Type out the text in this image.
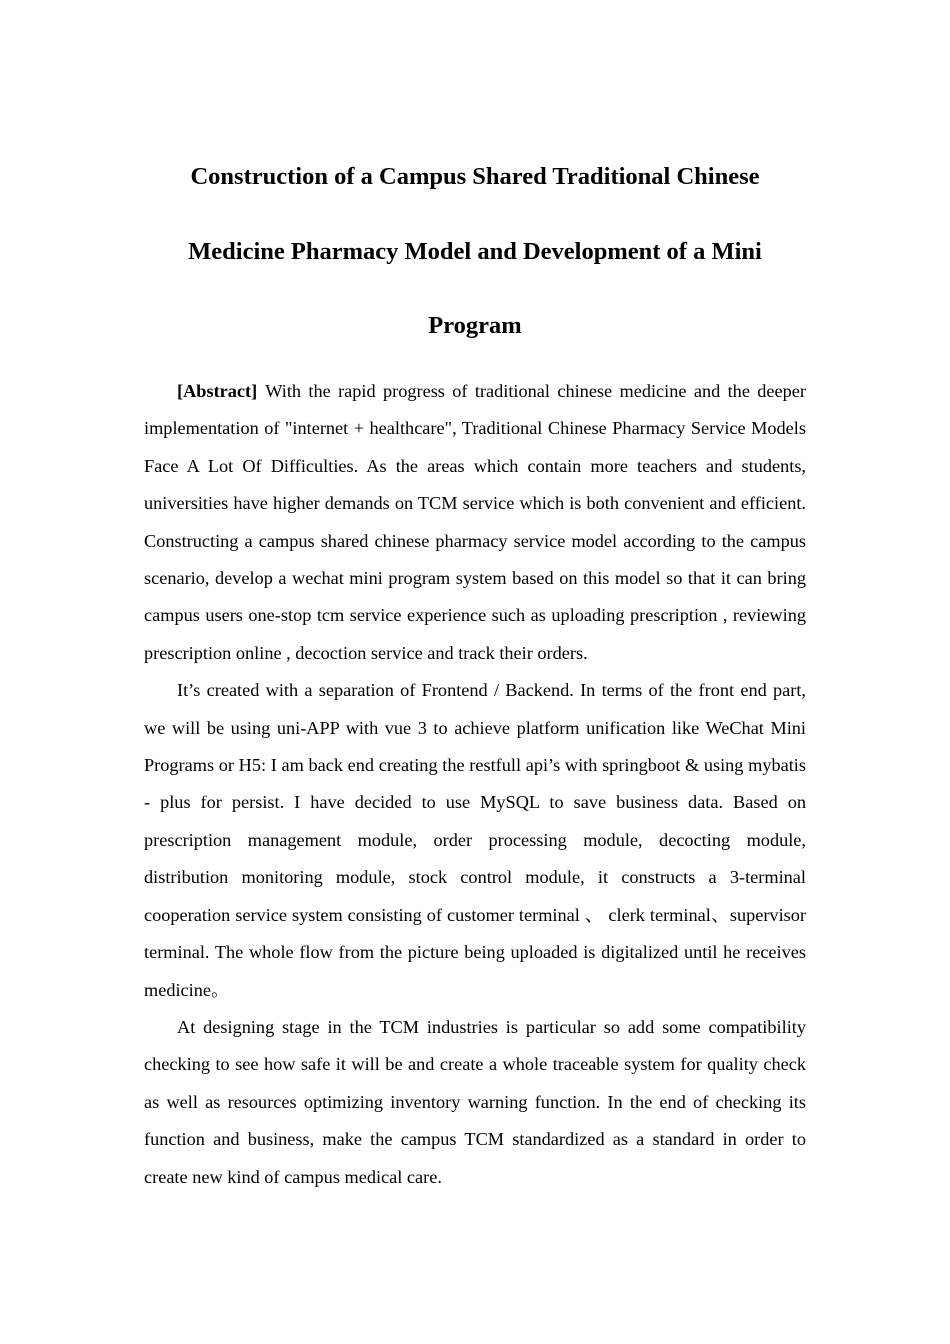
Construction of a Campus Shared Traditional Chinese
Medicine Pharmacy Model and Development of a Mini
Program

[Abstract] With the rapid progress of traditional chinese medicine and the deeper implementation of "internet + healthcare", Traditional Chinese Pharmacy Service Models Face A Lot Of Difficulties. As the areas which contain more teachers and students, universities have higher demands on TCM service which is both convenient and efficient. Constructing a campus shared chinese pharmacy service model according to the campus scenario, develop a wechat mini program system based on this model so that it can bring campus users one-stop tcm service experience such as uploading prescription , reviewing prescription online , decoction service and track their orders.

It’s created with a separation of Frontend / Backend. In terms of the front end part, we will be using uni-APP with vue 3 to achieve platform unification like WeChat Mini Programs or H5: I am back end creating the restfull api’s with springboot & using mybatis - plus for persist. I have decided to use MySQL to save business data. Based on prescription management module, order processing module, decocting module, distribution monitoring module, stock control module, it constructs a 3-terminal cooperation service system consisting of customer terminal 、 clerk terminal、supervisor terminal. The whole flow from the picture being uploaded is digitalized until he receives medicine。

At designing stage in the TCM industries is particular so add some compatibility checking to see how safe it will be and create a whole traceable system for quality check as well as resources optimizing inventory warning function. In the end of checking its function and business, make the campus TCM standardized as a standard in order to create new kind of campus medical care.
